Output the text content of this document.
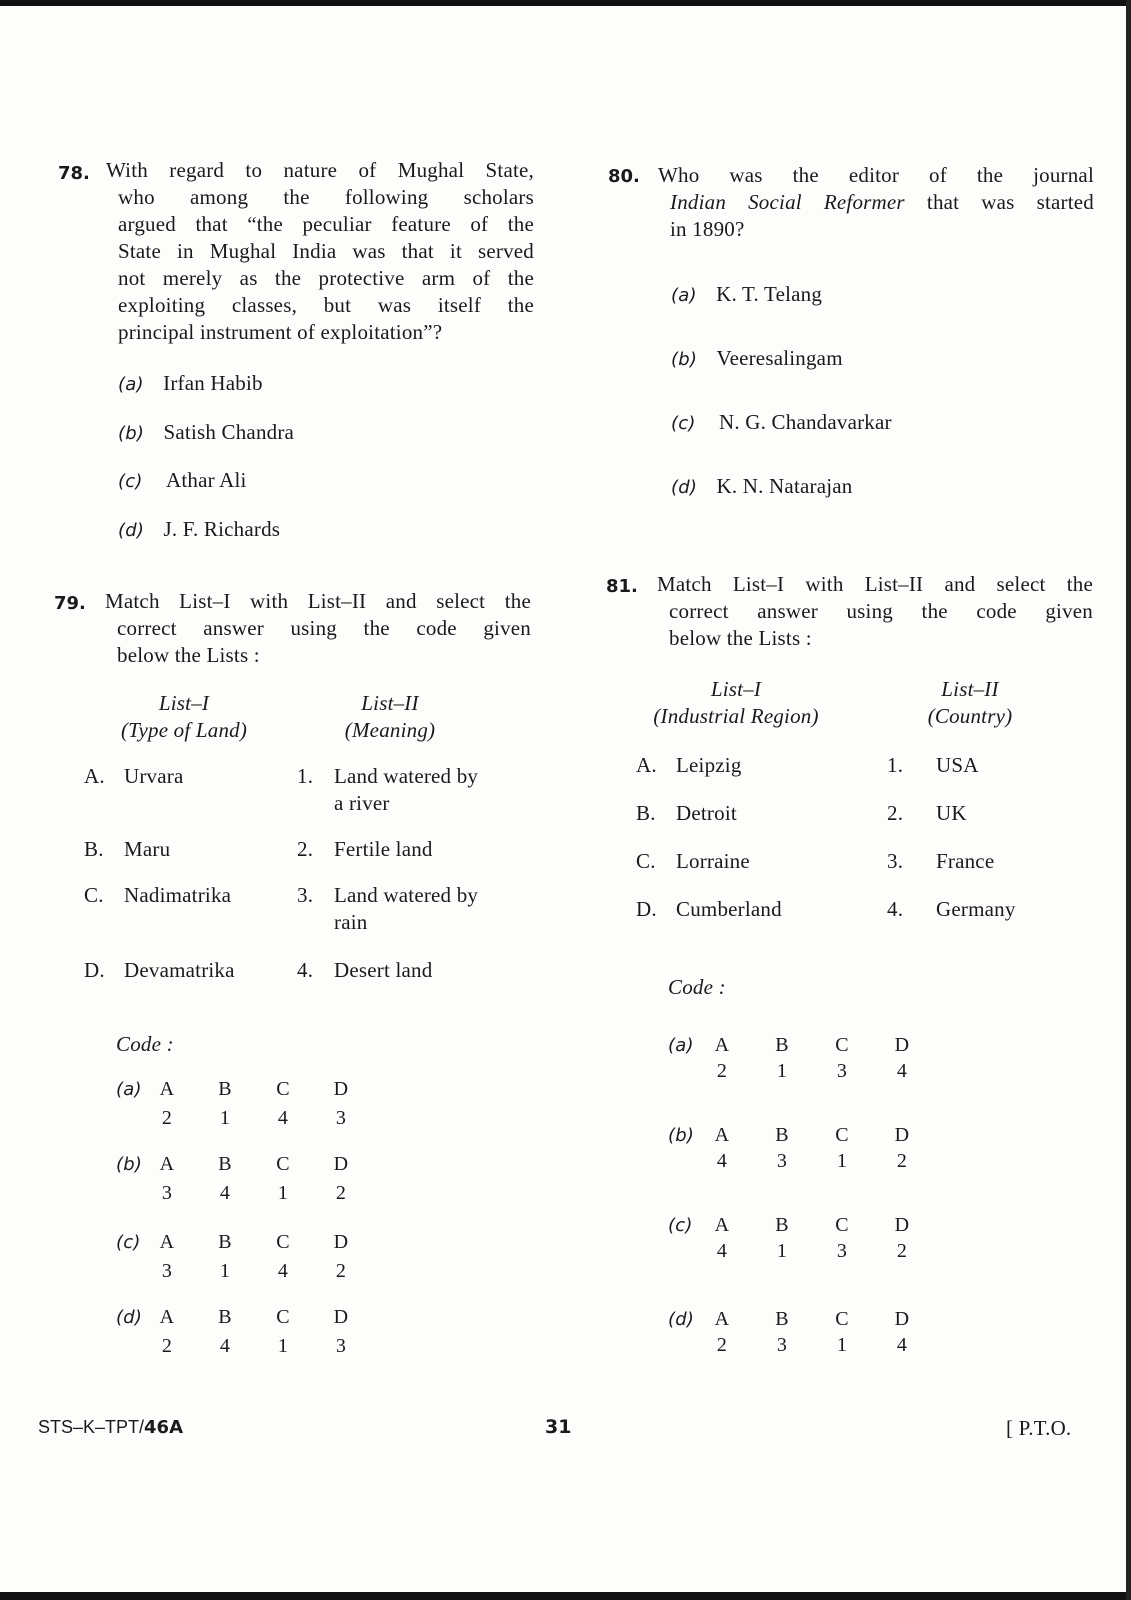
78. With regard to nature of Mughal State,
who among the following scholars
argued that “the peculiar feature of the
State in Mughal India was that it served
not merely as the protective arm of the
exploiting classes, but was itself the
principal instrument of exploitation”?
(a) Irfan Habib
(b) Satish Chandra
(c) Athar Ali
(d) J. F. Richards
79. Match List–I with List–II and select the
correct answer using the code given
below the Lists :
List–I
(Type of Land)
List–II
(Meaning)
A. Urvara	1. Land watered by
a river
B. Maru	2. Fertile land
C. Nadimatrika	3. Land watered by
rain
D. Devamatrika	4. Desert land
Code :
(a) A B C D
2 1 4 3
(b) A B C D
3 4 1 2
(c) A B C D
3 1 4 2
(d) A B C D
2 4 1 3
80. Who was the editor of the journal
Indian Social Reformer that was started
in 1890?
(a) K. T. Telang
(b) Veeresalingam
(c) N. G. Chandavarkar
(d) K. N. Natarajan
81. Match List–I with List–II and select the
correct answer using the code given
below the Lists :
List–I
(Industrial Region)
List–II
(Country)
A. Leipzig	1. USA
B. Detroit	2. UK
C. Lorraine	3. France
D. Cumberland	4. Germany
Code :
(a)	A B C D
2 1 3 4
(b)	A B C D
4 3 1 2
(c)	A B C D
4 1 3 2
(d)	A B C D
2 3 1 4
STS–K–TPT/46A	31	[ P.T.O.
